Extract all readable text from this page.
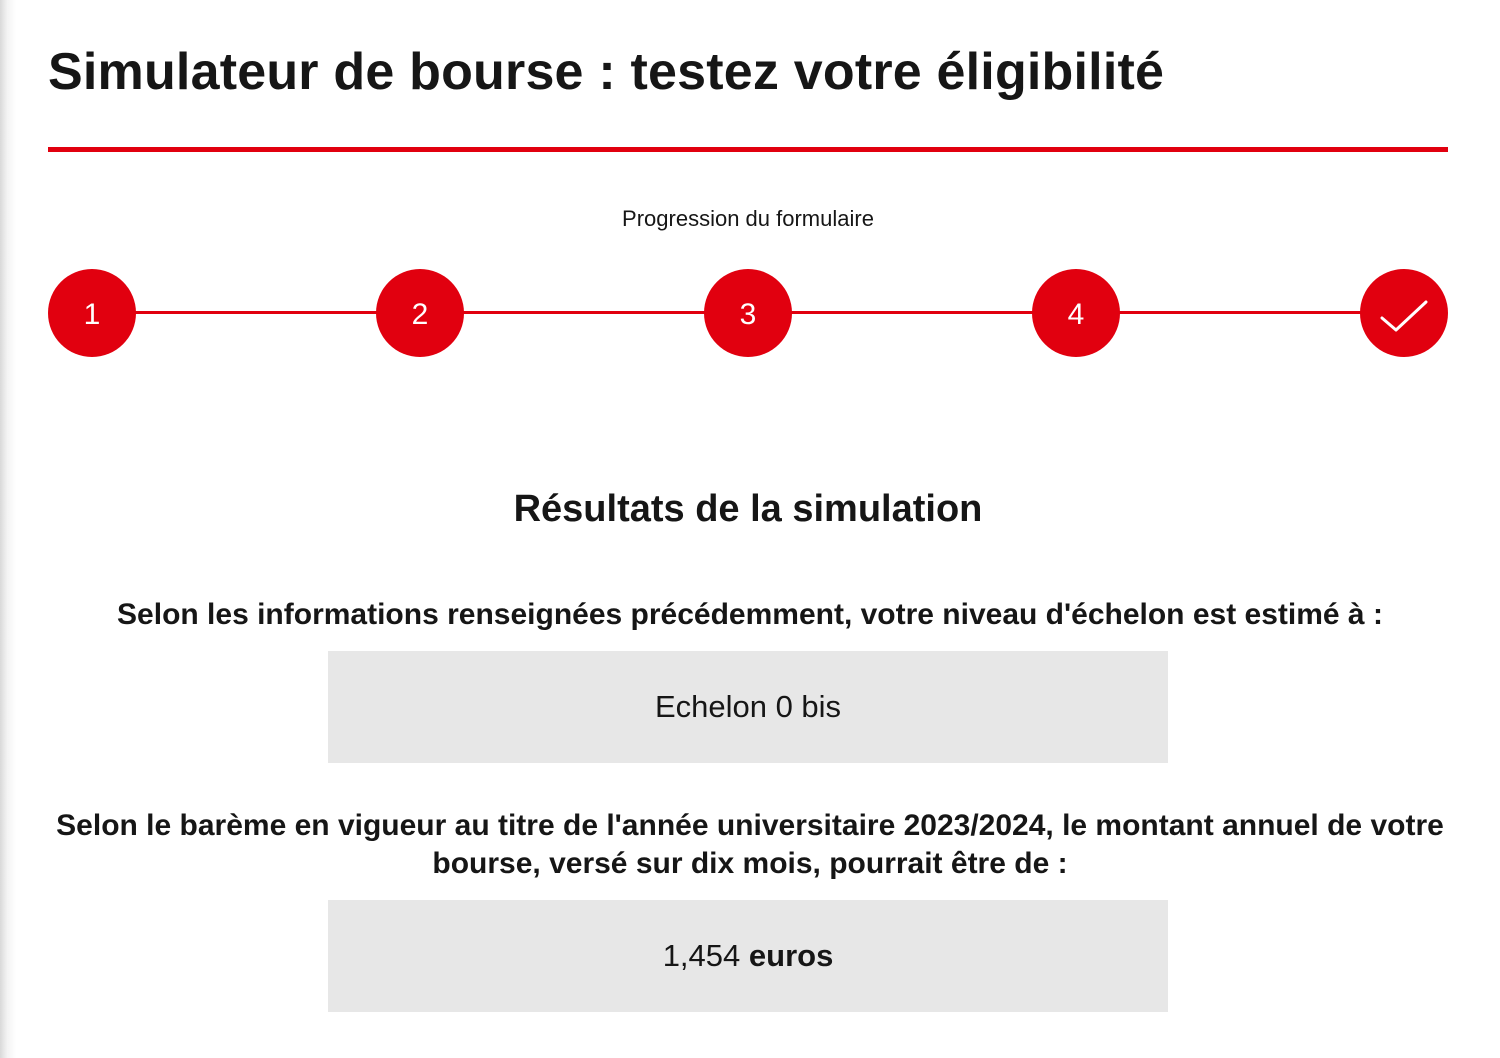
Simulateur de bourse : testez votre éligibilité
Progression du formulaire
1	2	3	4
Résultats de la simulation

Selon les informations renseignées précédemment, votre niveau d'échelon est estimé à :

Echelon 0 bis

Selon le barème en vigueur au titre de l'année universitaire 2023/2024, le montant annuel de votre bourse, versé sur dix mois, pourrait être de :

1,454
euros
